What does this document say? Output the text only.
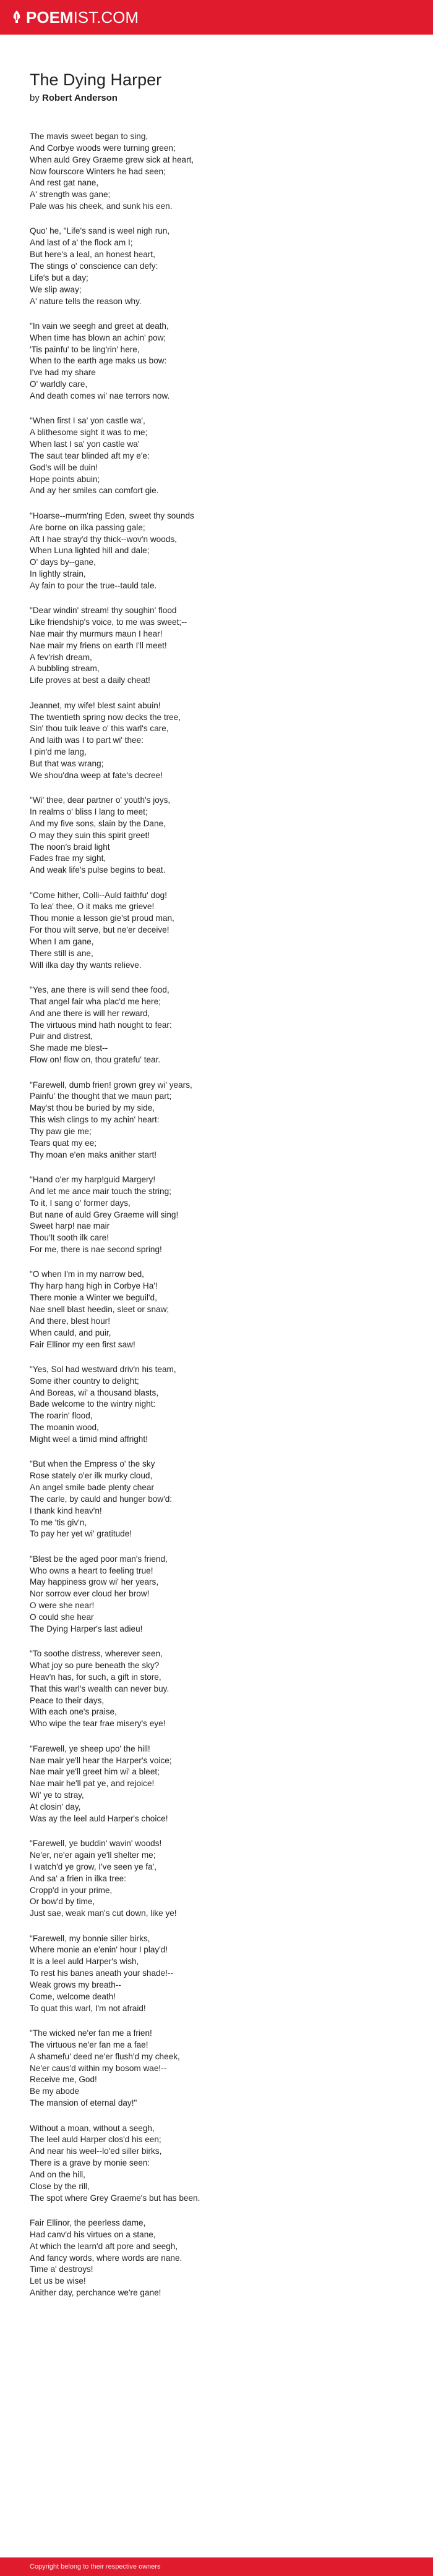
POEMIST.COM
The Dying Harper
by Robert Anderson
The mavis sweet began to sing,
And Corbye woods were turning green;
When auld Grey Graeme grew sick at heart,
Now fourscore Winters he had seen;
And rest gat nane,
A' strength was gane;
Pale was his cheek, and sunk his een.
Quo' he, "Life's sand is weel nigh run,
And last of a' the flock am I;
But here's a leal, an honest heart,
The stings o' conscience can defy:
Life's but a day;
We slip away;
A' nature tells the reason why.
"In vain we seegh and greet at death,
When time has blown an achin' pow;
'Tis painfu' to be ling'rin' here,
When to the earth age maks us bow:
I've had my share
O' warldly care,
And death comes wi' nae terrors now.
"When first I sa' yon castle wa',
A blithesome sight it was to me;
When last I sa' yon castle wa'
The saut tear blinded aft my e'e:
God's will be duin!
Hope points abuin;
And ay her smiles can comfort gie.
"Hoarse--murm'ring Eden, sweet thy sounds
Are borne on ilka passing gale;
Aft I hae stray'd thy thick--wov'n woods,
When Luna lighted hill and dale;
O' days by--gane,
In lightly strain,
Ay fain to pour the true--tauld tale.
"Dear windin' stream! thy soughin' flood
Like friendship's voice, to me was sweet;--
Nae mair thy murmurs maun I hear!
Nae mair my friens on earth I'll meet!
A fev'rish dream,
A bubbling stream,
Life proves at best a daily cheat!
Jeannet, my wife! blest saint abuin!
The twentieth spring now decks the tree,
Sin' thou tuik leave o' this warl's care,
And laith was I to part wi' thee:
I pin'd me lang,
But that was wrang;
We shou'dna weep at fate's decree!
"Wi' thee, dear partner o' youth's joys,
In realms o' bliss I lang to meet;
And my five sons, slain by the Dane,
O may they suin this spirit greet!
The noon's braid light
Fades frae my sight,
And weak life's pulse begins to beat.
"Come hither, Colli--Auld faithfu' dog!
To lea' thee, O it maks me grieve!
Thou monie a lesson gie'st proud man,
For thou wilt serve, but ne'er deceive!
When I am gane,
There still is ane,
Will ilka day thy wants relieve.
"Yes, ane there is will send thee food,
That angel fair wha plac'd me here;
And ane there is will her reward,
The virtuous mind hath nought to fear:
Puir and distrest,
She made me blest--
Flow on! flow on, thou gratefu' tear.
"Farewell, dumb frien! grown grey wi' years,
Painfu' the thought that we maun part;
May'st thou be buried by my side,
This wish clings to my achin' heart:
Thy paw gie me;
Tears quat my ee;
Thy moan e'en maks anither start!
"Hand o'er my harp!guid Margery!
And let me ance mair touch the string;
To it, I sang o' former days,
But nane of auld Grey Graeme will sing!
Sweet harp! nae mair
Thou'lt sooth ilk care!
For me, there is nae second spring!
"O when I'm in my narrow bed,
Thy harp hang high in Corbye Ha'!
There monie a Winter we beguil'd,
Nae snell blast heedin, sleet or snaw;
And there, blest hour!
When cauld, and puir,
Fair Ellinor my een first saw!
"Yes, Sol had westward driv'n his team,
Some ither country to delight;
And Boreas, wi' a thousand blasts,
Bade welcome to the wintry night:
The roarin' flood,
The moanin wood,
Might weel a timid mind affright!
"But when the Empress o' the sky
Rose stately o'er ilk murky cloud,
An angel smile bade plenty chear
The carle, by cauld and hunger bow'd:
I thank kind heav'n!
To me 'tis giv'n,
To pay her yet wi' gratitude!
"Blest be the aged poor man's friend,
Who owns a heart to feeling true!
May happiness grow wi' her years,
Nor sorrow ever cloud her brow!
O were she near!
O could she hear
The Dying Harper's last adieu!
"To soothe distress, wherever seen,
What joy so pure beneath the sky?
Heav'n has, for such, a gift in store,
That this warl's wealth can never buy.
Peace to their days,
With each one's praise,
Who wipe the tear frae misery's eye!
"Farewell, ye sheep upo' the hill!
Nae mair ye'll hear the Harper's voice;
Nae mair ye'll greet him wi' a bleet;
Nae mair he'll pat ye, and rejoice!
Wi' ye to stray,
At closin' day,
Was ay the leel auld Harper's choice!
"Farewell, ye buddin' wavin' woods!
Ne'er, ne'er again ye'll shelter me;
I watch'd ye grow, I've seen ye fa',
And sa' a frien in ilka tree:
Cropp'd in your prime,
Or bow'd by time,
Just sae, weak man's cut down, like ye!
"Farewell, my bonnie siller birks,
Where monie an e'enin' hour I play'd!
It is a leel auld Harper's wish,
To rest his banes aneath your shade!--
Weak grows my breath--
Come, welcome death!
To quat this warl, I'm not afraid!
"The wicked ne'er fan me a frien!
The virtuous ne'er fan me a fae!
A shamefu' deed ne'er flush'd my cheek,
Ne'er caus'd within my bosom wae!--
Receive me, God!
Be my abode
The mansion of eternal day!"
Without a moan, without a seegh,
The leel auld Harper clos'd his een;
And near his weel--lo'ed siller birks,
There is a grave by monie seen:
And on the hill,
Close by the rill,
The spot where Grey Graeme's but has been.
Fair Ellinor, the peerless dame,
Had canv'd his virtues on a stane,
At which the learn'd aft pore and seegh,
And fancy words, where words are nane.
Time a' destroys!
Let us be wise!
Anither day, perchance we're gane!
Copyright belong to their respective owners
